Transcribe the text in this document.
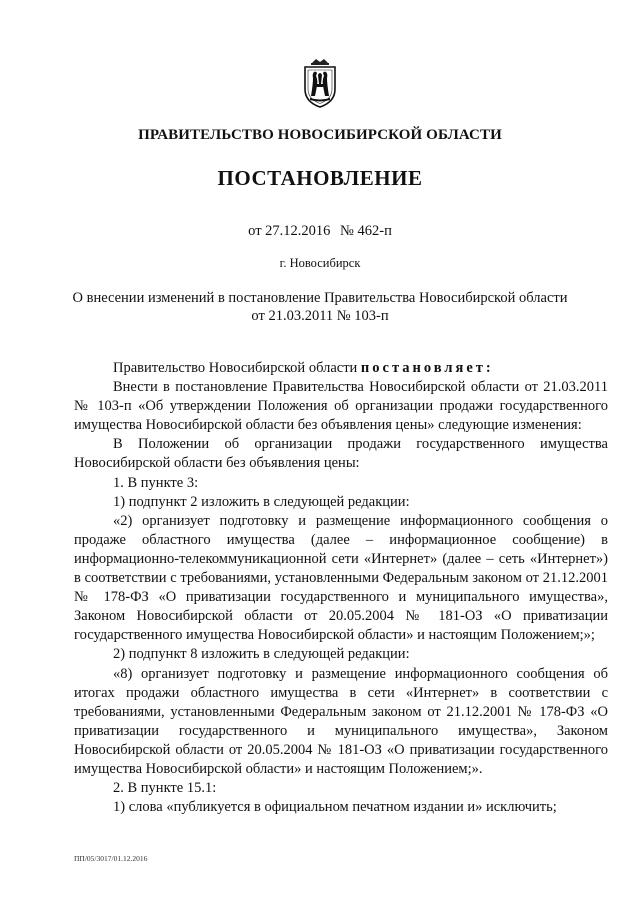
ПРАВИТЕЛЬСТВО НОВОСИБИРСКОЙ ОБЛАСТИ
ПОСТАНОВЛЕНИЕ
от 27.12.2016 № 462-п
г. Новосибирск
О внесении изменений в постановление Правительства Новосибирской области
от 21.03.2011 № 103-п

Правительство Новосибирской области постановляет:

Внести в постановление Правительства Новосибирской области от 21.03.2011 № 103-п «Об утверждении Положения об организации продажи государственного имущества Новосибирской области без объявления цены» следующие изменения:

В Положении об организации продажи государственного имущества Новосибирской области без объявления цены:

1. В пункте 3:

1) подпункт 2 изложить в следующей редакции:

«2) организует подготовку и размещение информационного сообщения о продаже областного имущества (далее – информационное сообщение) в информационно-телекоммуникационной сети «Интернет» (далее – сеть «Интернет») в соответствии с требованиями, установленными Федеральным законом от 21.12.2001 № 178-ФЗ «О приватизации государственного и муниципального имущества», Законом Новосибирской области от 20.05.2004 № 181-ОЗ «О приватизации государственного имущества Новосибирской области» и настоящим Положением;»;

2) подпункт 8 изложить в следующей редакции:

«8) организует подготовку и размещение информационного сообщения об итогах продажи областного имущества в сети «Интернет» в соответствии с требованиями, установленными Федеральным законом от 21.12.2001 № 178-ФЗ «О приватизации государственного и муниципального имущества», Законом Новосибирской области от 20.05.2004 № 181-ОЗ «О приватизации государственного имущества Новосибирской области» и настоящим Положением;».

2. В пункте 15.1:

1) слова «публикуется в официальном печатном издании и» исключить;

ПП/05/3017/01.12.2016
